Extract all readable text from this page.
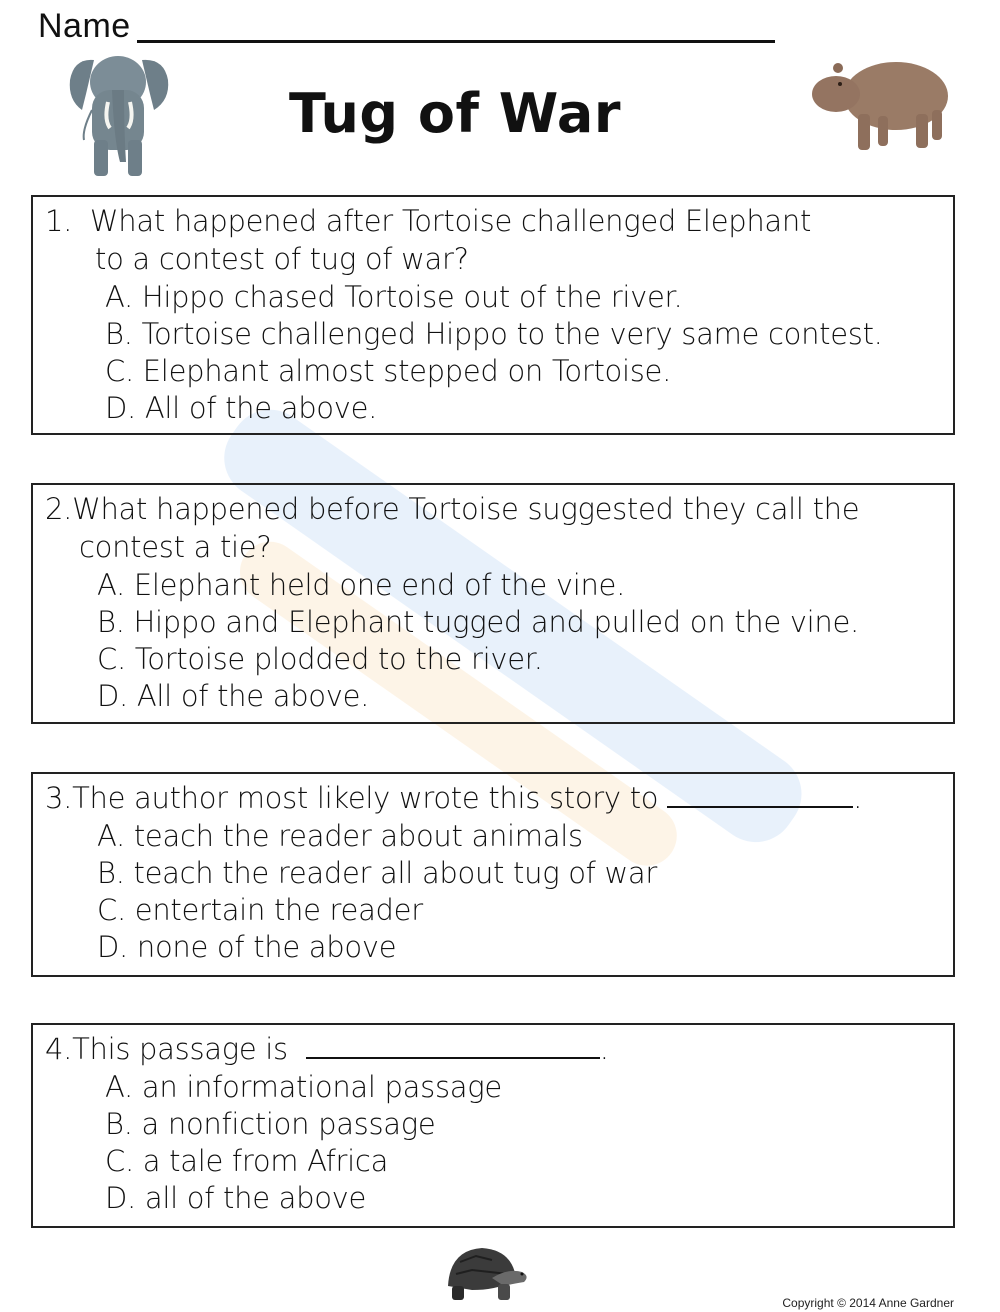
Name
Tug of War
1. What happened after Tortoise challenged Elephant
to a contest of tug of war?
A. Hippo chased Tortoise out of the river.
B. Tortoise challenged Hippo to the very same contest.
C. Elephant almost stepped on Tortoise.
D. All of the above.
2.What happened before Tortoise suggested they call the
contest a tie?
A. Elephant held one end of the vine.
B. Hippo and Elephant tugged and pulled on the vine.
C. Tortoise plodded to the river.
D. All of the above.
3.The author most likely wrote this story to	.
A. teach the reader about animals
B. teach the reader all about tug of war
C. entertain the reader
D. none of the above
4.This passage is	.
A. an informational passage
B. a nonfiction passage
C. a tale from Africa
D. all of the above
Copyright © 2014 Anne Gardner
